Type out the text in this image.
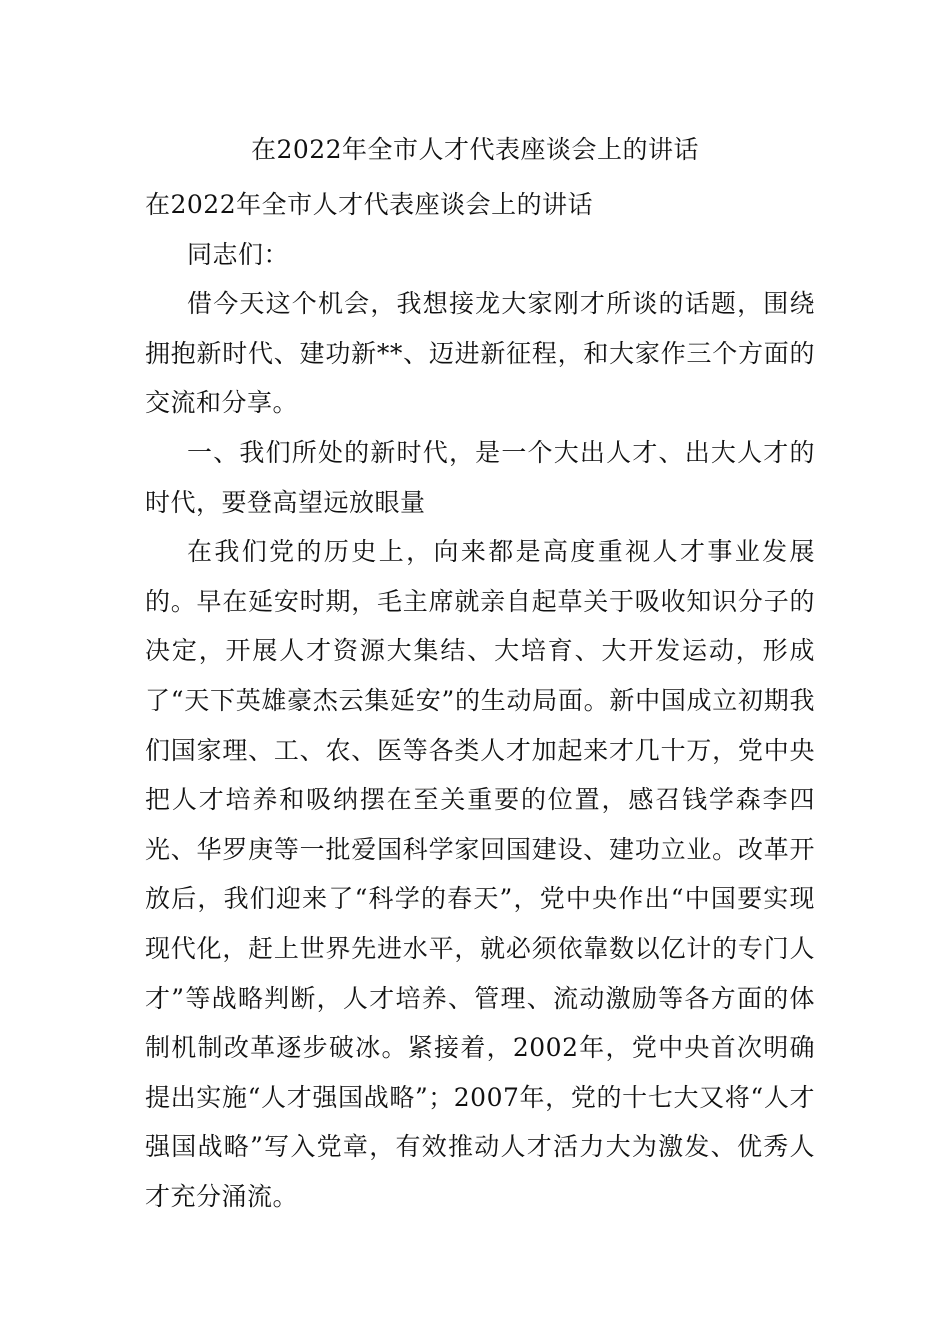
在2022年全市人才代表座谈会上的讲话

在2022年全市人才代表座谈会上的讲话

同志们：

借今天这个机会，我想接龙大家刚才所谈的话题，围绕拥抱新时代、建功新**、迈进新征程，和大家作三个方面的交流和分享。

一、我们所处的新时代，是一个大出人才、出大人才的时代，要登高望远放眼量

在我们党的历史上，向来都是高度重视人才事业发展的。早在延安时期，毛主席就亲自起草关于吸收知识分子的决定，开展人才资源大集结、大培育、大开发运动，形成了“天下英雄豪杰云集延安”的生动局面。新中国成立初期我们国家理、工、农、医等各类人才加起来才几十万，党中央把人才培养和吸纳摆在至关重要的位置，感召钱学森李四光、华罗庚等一批爱国科学家回国建设、建功立业。改革开放后，我们迎来了“科学的春天”，党中央作出“中国要实现现代化，赶上世界先进水平，就必须依靠数以亿计的专门人才”等战略判断，人才培养、管理、流动激励等各方面的体制机制改革逐步破冰。紧接着，2002年，党中央首次明确提出实施“人才强国战略”；2007年，党的十七大又将“人才强国战略”写入党章，有效推动人才活力大为激发、优秀人才充分涌流。
